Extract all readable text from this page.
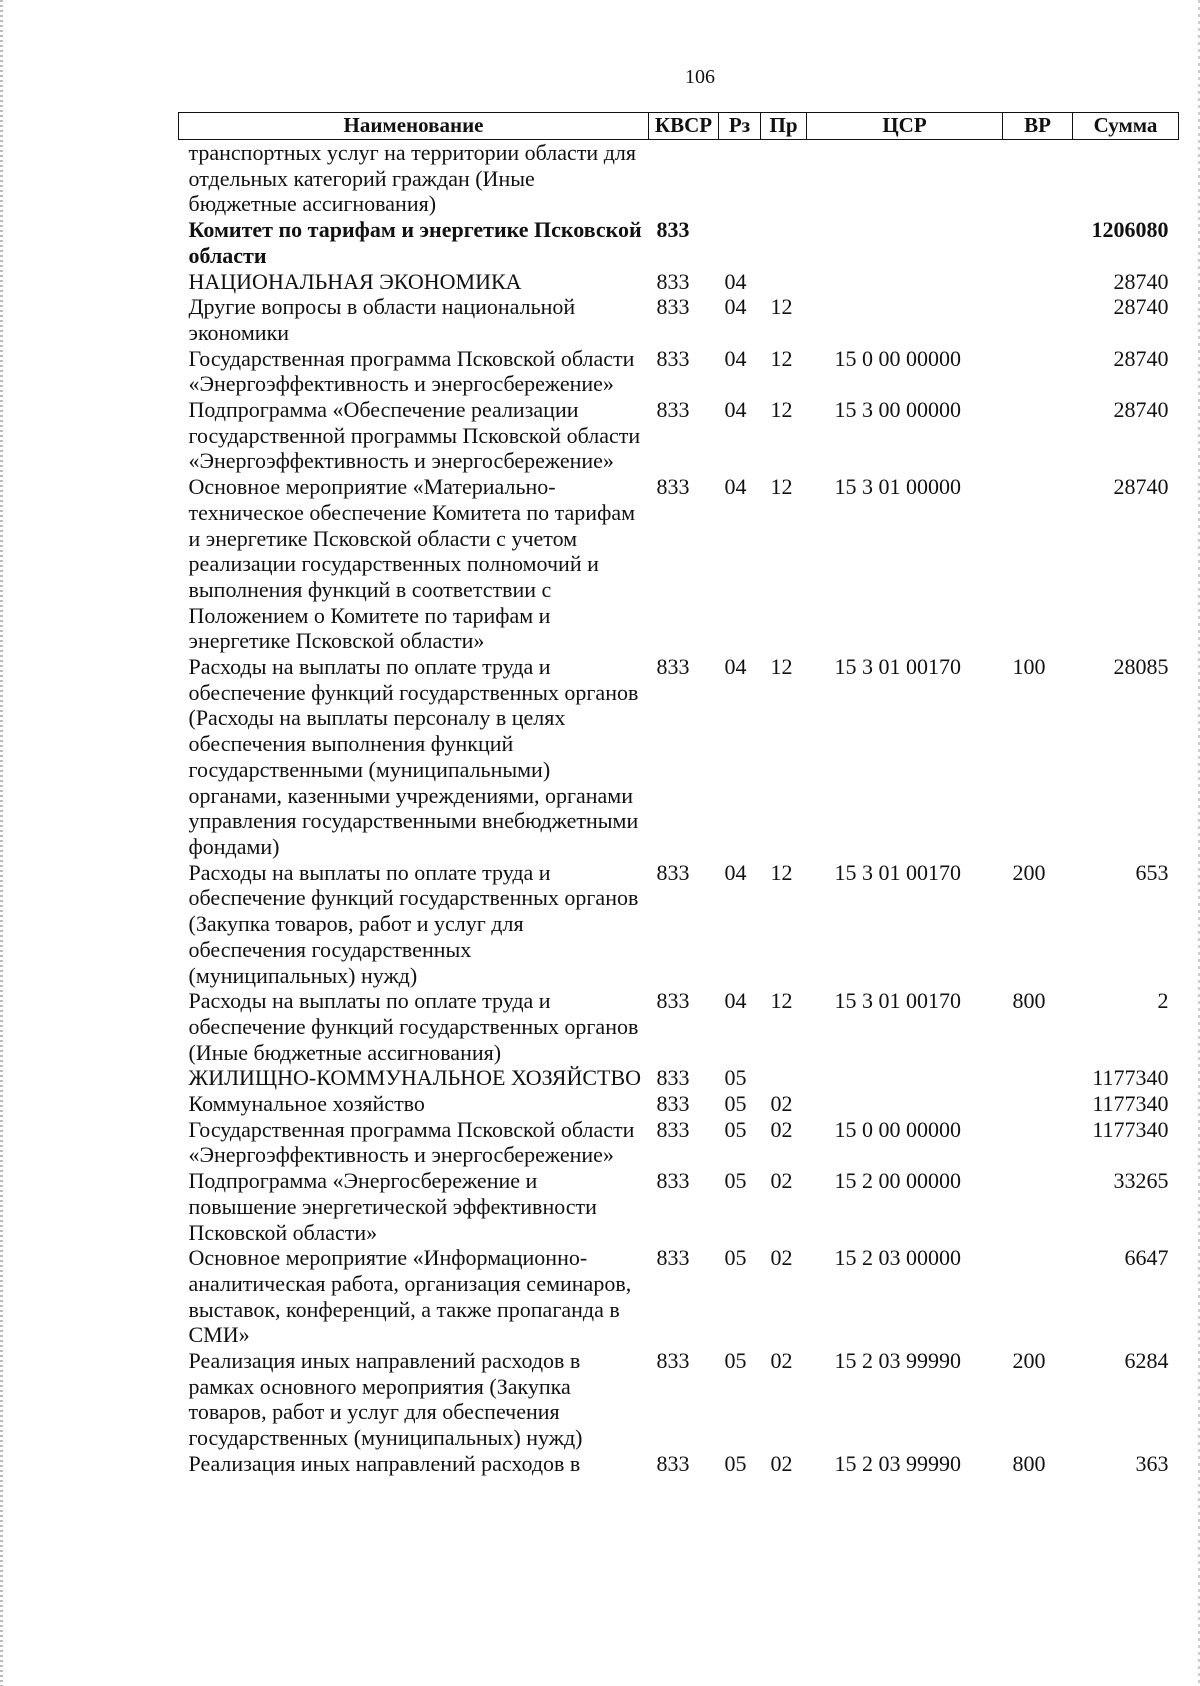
106
Наименование	КВСР	Рз	Пр	ЦСР	ВР	Сумма
транспортных услуг на территории области для отдельных категорий граждан (Иные бюджетные ассигнования)						
Комитет по тарифам и энергетике Псковской области	833					1206080
НАЦИОНАЛЬНАЯ ЭКОНОМИКА	833	04				28740
Другие вопросы в области национальной экономики	833	04	12			28740
Государственная программа Псковской области «Энергоэффективность и энергосбережение»	833	04	12	15 0 00 00000		28740
Подпрограмма «Обеспечение реализации государственной программы Псковской области «Энергоэффективность и энергосбережение»	833	04	12	15 3 00 00000		28740
Основное мероприятие «Материально-техническое обеспечение Комитета по тарифам и энергетике Псковской области с учетом реализации государственных полномочий и выполнения функций в соответствии с Положением о Комитете по тарифам и энергетике Псковской области»	833	04	12	15 3 01 00000		28740
Расходы на выплаты по оплате труда и обеспечение функций государственных органов (Расходы на выплаты персоналу в целях обеспечения выполнения функций государственными (муниципальными) органами, казенными учреждениями, органами управления государственными внебюджетными фондами)	833	04	12	15 3 01 00170	100	28085
Расходы на выплаты по оплате труда и обеспечение функций государственных органов (Закупка товаров, работ и услуг для обеспечения государственных (муниципальных) нужд)	833	04	12	15 3 01 00170	200	653
Расходы на выплаты по оплате труда и обеспечение функций государственных органов (Иные бюджетные ассигнования)	833	04	12	15 3 01 00170	800	2
ЖИЛИЩНО-КОММУНАЛЬНОЕ ХОЗЯЙСТВО	833	05				1177340
Коммунальное хозяйство	833	05	02			1177340
Государственная программа Псковской области «Энергоэффективность и энергосбережение»	833	05	02	15 0 00 00000		1177340
Подпрограмма «Энергосбережение и повышение энергетической эффективности Псковской области»	833	05	02	15 2 00 00000		33265
Основное мероприятие «Информационно-аналитическая работа, организация семинаров, выставок, конференций, а также пропаганда в СМИ»	833	05	02	15 2 03 00000		6647
Реализация иных направлений расходов в рамках основного мероприятия (Закупка товаров, работ и услуг для обеспечения государственных (муниципальных) нужд)	833	05	02	15 2 03 99990	200	6284
Реализация иных направлений расходов в	833	05	02	15 2 03 99990	800	363
